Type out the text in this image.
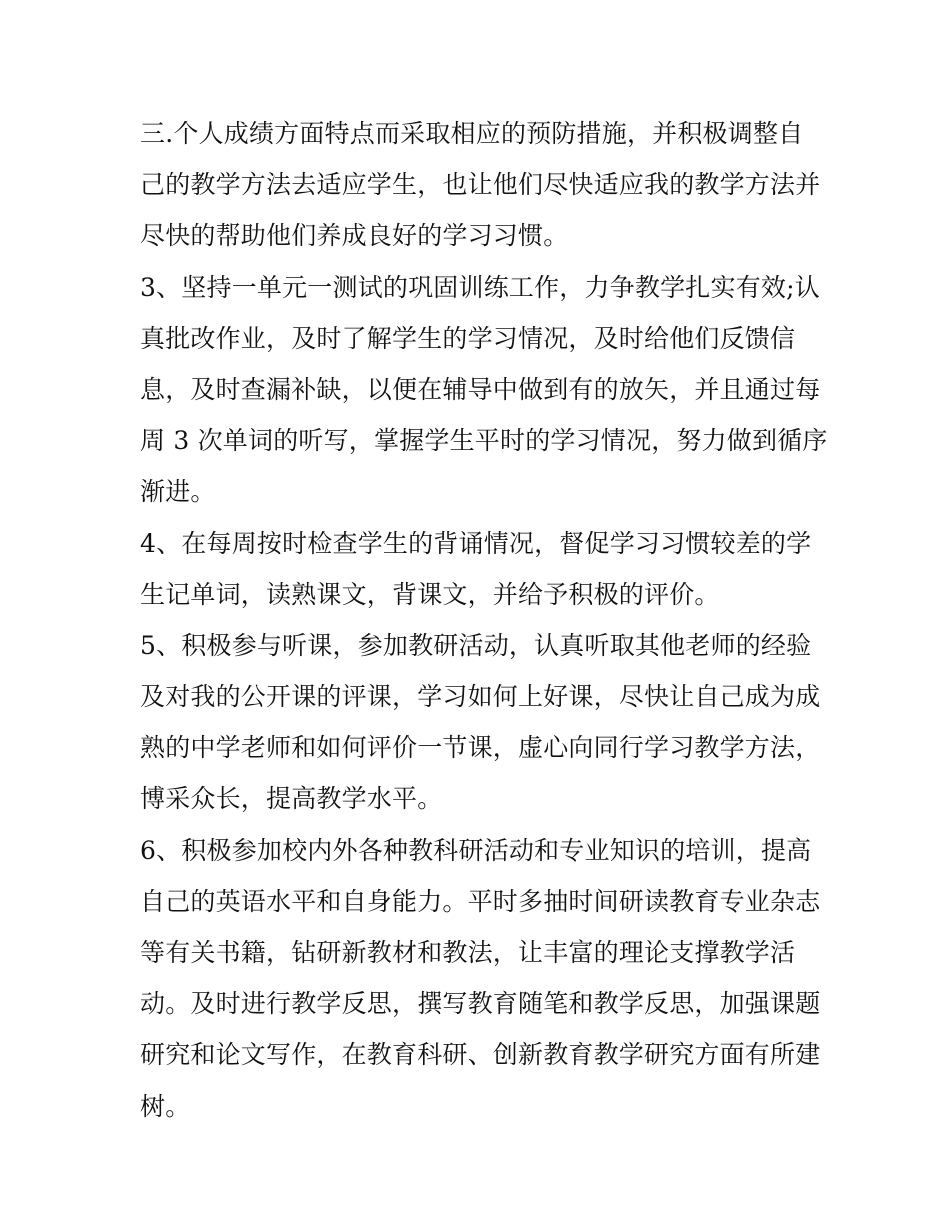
三.个人成绩方面特点而采取相应的预防措施，并积极调整自
己的教学方法去适应学生，也让他们尽快适应我的教学方法并
尽快的帮助他们养成良好的学习习惯。
3、坚持一单元一测试的巩固训练工作，力争教学扎实有效;认
真批改作业，及时了解学生的学习情况，及时给他们反馈信
息，及时查漏补缺，以便在辅导中做到有的放矢，并且通过每
周 3 次单词的听写，掌握学生平时的学习情况，努力做到循序
渐进。
4、在每周按时检查学生的背诵情况，督促学习习惯较差的学
生记单词，读熟课文，背课文，并给予积极的评价。
5、积极参与听课，参加教研活动，认真听取其他老师的经验
及对我的公开课的评课，学习如何上好课，尽快让自己成为成
熟的中学老师和如何评价一节课，虚心向同行学习教学方法，
博采众长，提高教学水平。
6、积极参加校内外各种教科研活动和专业知识的培训，提高
自己的英语水平和自身能力。平时多抽时间研读教育专业杂志
等有关书籍，钻研新教材和教法，让丰富的理论支撑教学活
动。及时进行教学反思，撰写教育随笔和教学反思，加强课题
研究和论文写作，在教育科研、创新教育教学研究方面有所建
树。
